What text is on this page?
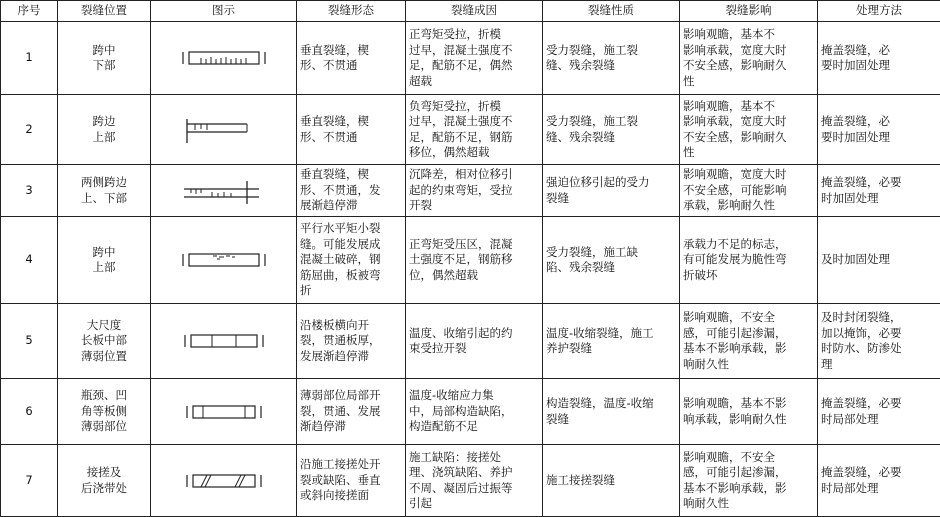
序号	裂缝位置	图示	裂缝形态	裂缝成因	裂缝性质	裂缝影响	处理方法
1	跨中
下部		垂直裂缝，楔
形、不贯通	正弯矩受拉，折模
过早，混凝土强度不
足，配筋不足，偶然
超载	受力裂缝，施工裂
缝、残余裂缝	影响观瞻，基本不
影响承载，宽度大时
不安全感，影响耐久
性	掩盖裂缝，必
要时加固处理

2	跨边
上部		垂直裂缝，楔
形、不贯通	负弯矩受拉，折模
过早，混凝土强度不
足，配筋不足，钢筋
移位，偶然超载	受力裂缝，施工裂
缝、残余裂缝	影响观瞻，基本不
影响承载，宽度大时
不安全感，影响耐久
性	掩盖裂缝，必
要时加固处理

3	两侧跨边
上、下部		垂直裂缝，楔
形、不贯通，发
展渐趋停滞	沉降差，相对位移引
起的约束弯矩，受拉
开裂	强迫位移引起的受力
裂缝	影响观瞻，宽度大时
不安全感，可能影响
承载，影响耐久性	掩盖裂缝，必要
时加固处理

4	跨中
上部		平行水平矩小裂
缝。可能发展成
混凝土破碎，钢
筋屈曲，板被弯
折	正弯矩受压区，混凝
土强度不足，钢筋移
位，偶然超载	受力裂缝，施工缺
陷、残余裂缝	承载力不足的标志，
有可能发展为脆性弯
折破坏	及时加固处理

5	大尺度
长板中部
薄弱位置		沿楼板横向开
裂，贯通板厚，
发展渐趋停滞	温度、收缩引起的约
束受拉开裂	温度-收缩裂缝，施工
养护裂缝	影响观瞻，不安全
感，可能引起渗漏，
基本不影响承载，影
响耐久性	及时封闭裂缝，
加以掩饰，必要
时防水、防渗处
理

6	瓶颈、凹
角等板侧
薄弱部位		薄弱部位局部开
裂，贯通、发展
渐趋停滞	温度-收缩应力集
中，局部构造缺陷，
构造配筋不足	构造裂缝，温度-收缩
裂缝	影响观瞻，基本不影
响承载，影响耐久性	掩盖裂缝，必要
时局部处理

7	接搓及
后浇带处		沿施工接搓处开
裂或缺陷、垂直
或斜向接搓面	施工缺陷：接搓处
理、浇筑缺陷、养护
不周、凝固后过振等
引起	施工接搓裂缝	影响观瞻，不安全
感，可能引起渗漏，
基本不影响承载，影
响耐久性	掩盖裂缝，必要
时局部处理
